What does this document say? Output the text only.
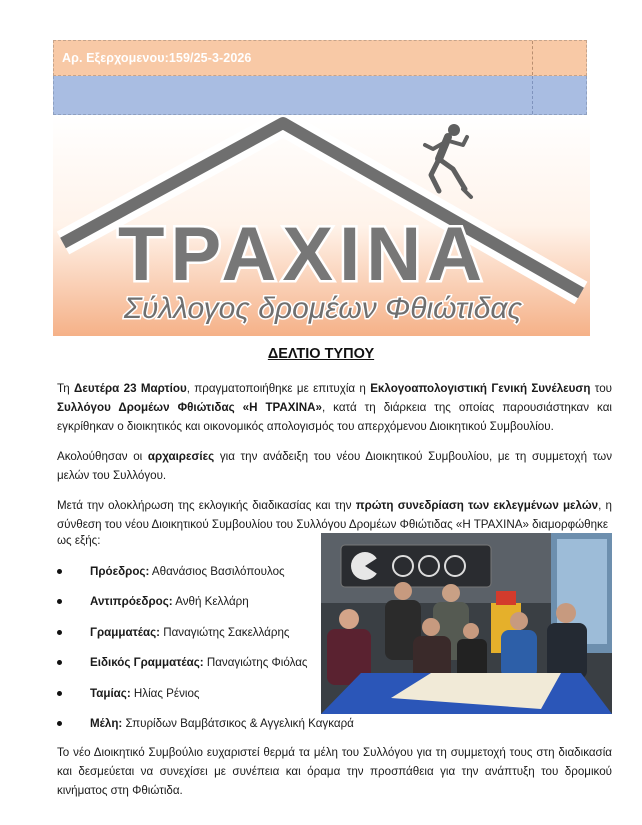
Αρ. Εξερχομενου:159/25-3-2026
ΤΡΑΧΙΝΑ
Σύλλογος δρομέων Φθιώτιδας
ΔΕΛΤΙΟ ΤΥΠΟΥ
Τη Δευτέρα 23 Μαρτίου, πραγματοποιήθηκε με επιτυχία η Εκλογοαπολογιστική Γενική Συνέλευση του Συλλόγου Δρομέων Φθιώτιδας «Η ΤΡΑΧΙΝΑ», κατά τη διάρκεια της οποίας παρουσιάστηκαν και εγκρίθηκαν ο διοικητικός και οικονομικός απολογισμός του απερχόμενου Διοικητικού Συμβουλίου.
Ακολούθησαν οι αρχαιρεσίες για την ανάδειξη του νέου Διοικητικού Συμβουλίου, με τη συμμετοχή των μελών του Συλλόγου.
Μετά την ολοκλήρωση της εκλογικής διαδικασίας και την πρώτη συνεδρίαση των εκλεγμένων μελών, η σύνθεση του νέου Διοικητικού Συμβουλίου του Συλλόγου Δρομέων Φθιώτιδας «Η ΤΡΑΧΙΝΑ» διαμορφώθηκε
ως εξής:
Πρόεδρος: Αθανάσιος Βασιλόπουλος
Αντιπρόεδρος: Ανθή Κελλάρη
Γραμματέας: Παναγιώτης Σακελλάρης
Ειδικός Γραμματέας: Παναγιώτης Φιόλας
Ταμίας: Ηλίας Ρένιος
Μέλη: Σπυρίδων Βαμβάτσικος & Αγγελική Καγκαρά
Το νέο Διοικητικό Συμβούλιο ευχαριστεί θερμά τα μέλη του Συλλόγου για τη συμμετοχή τους στη διαδικασία και δεσμεύεται να συνεχίσει με συνέπεια και όραμα την προσπάθεια για την ανάπτυξη του δρομικού κινήματος στη Φθιώτιδα.
